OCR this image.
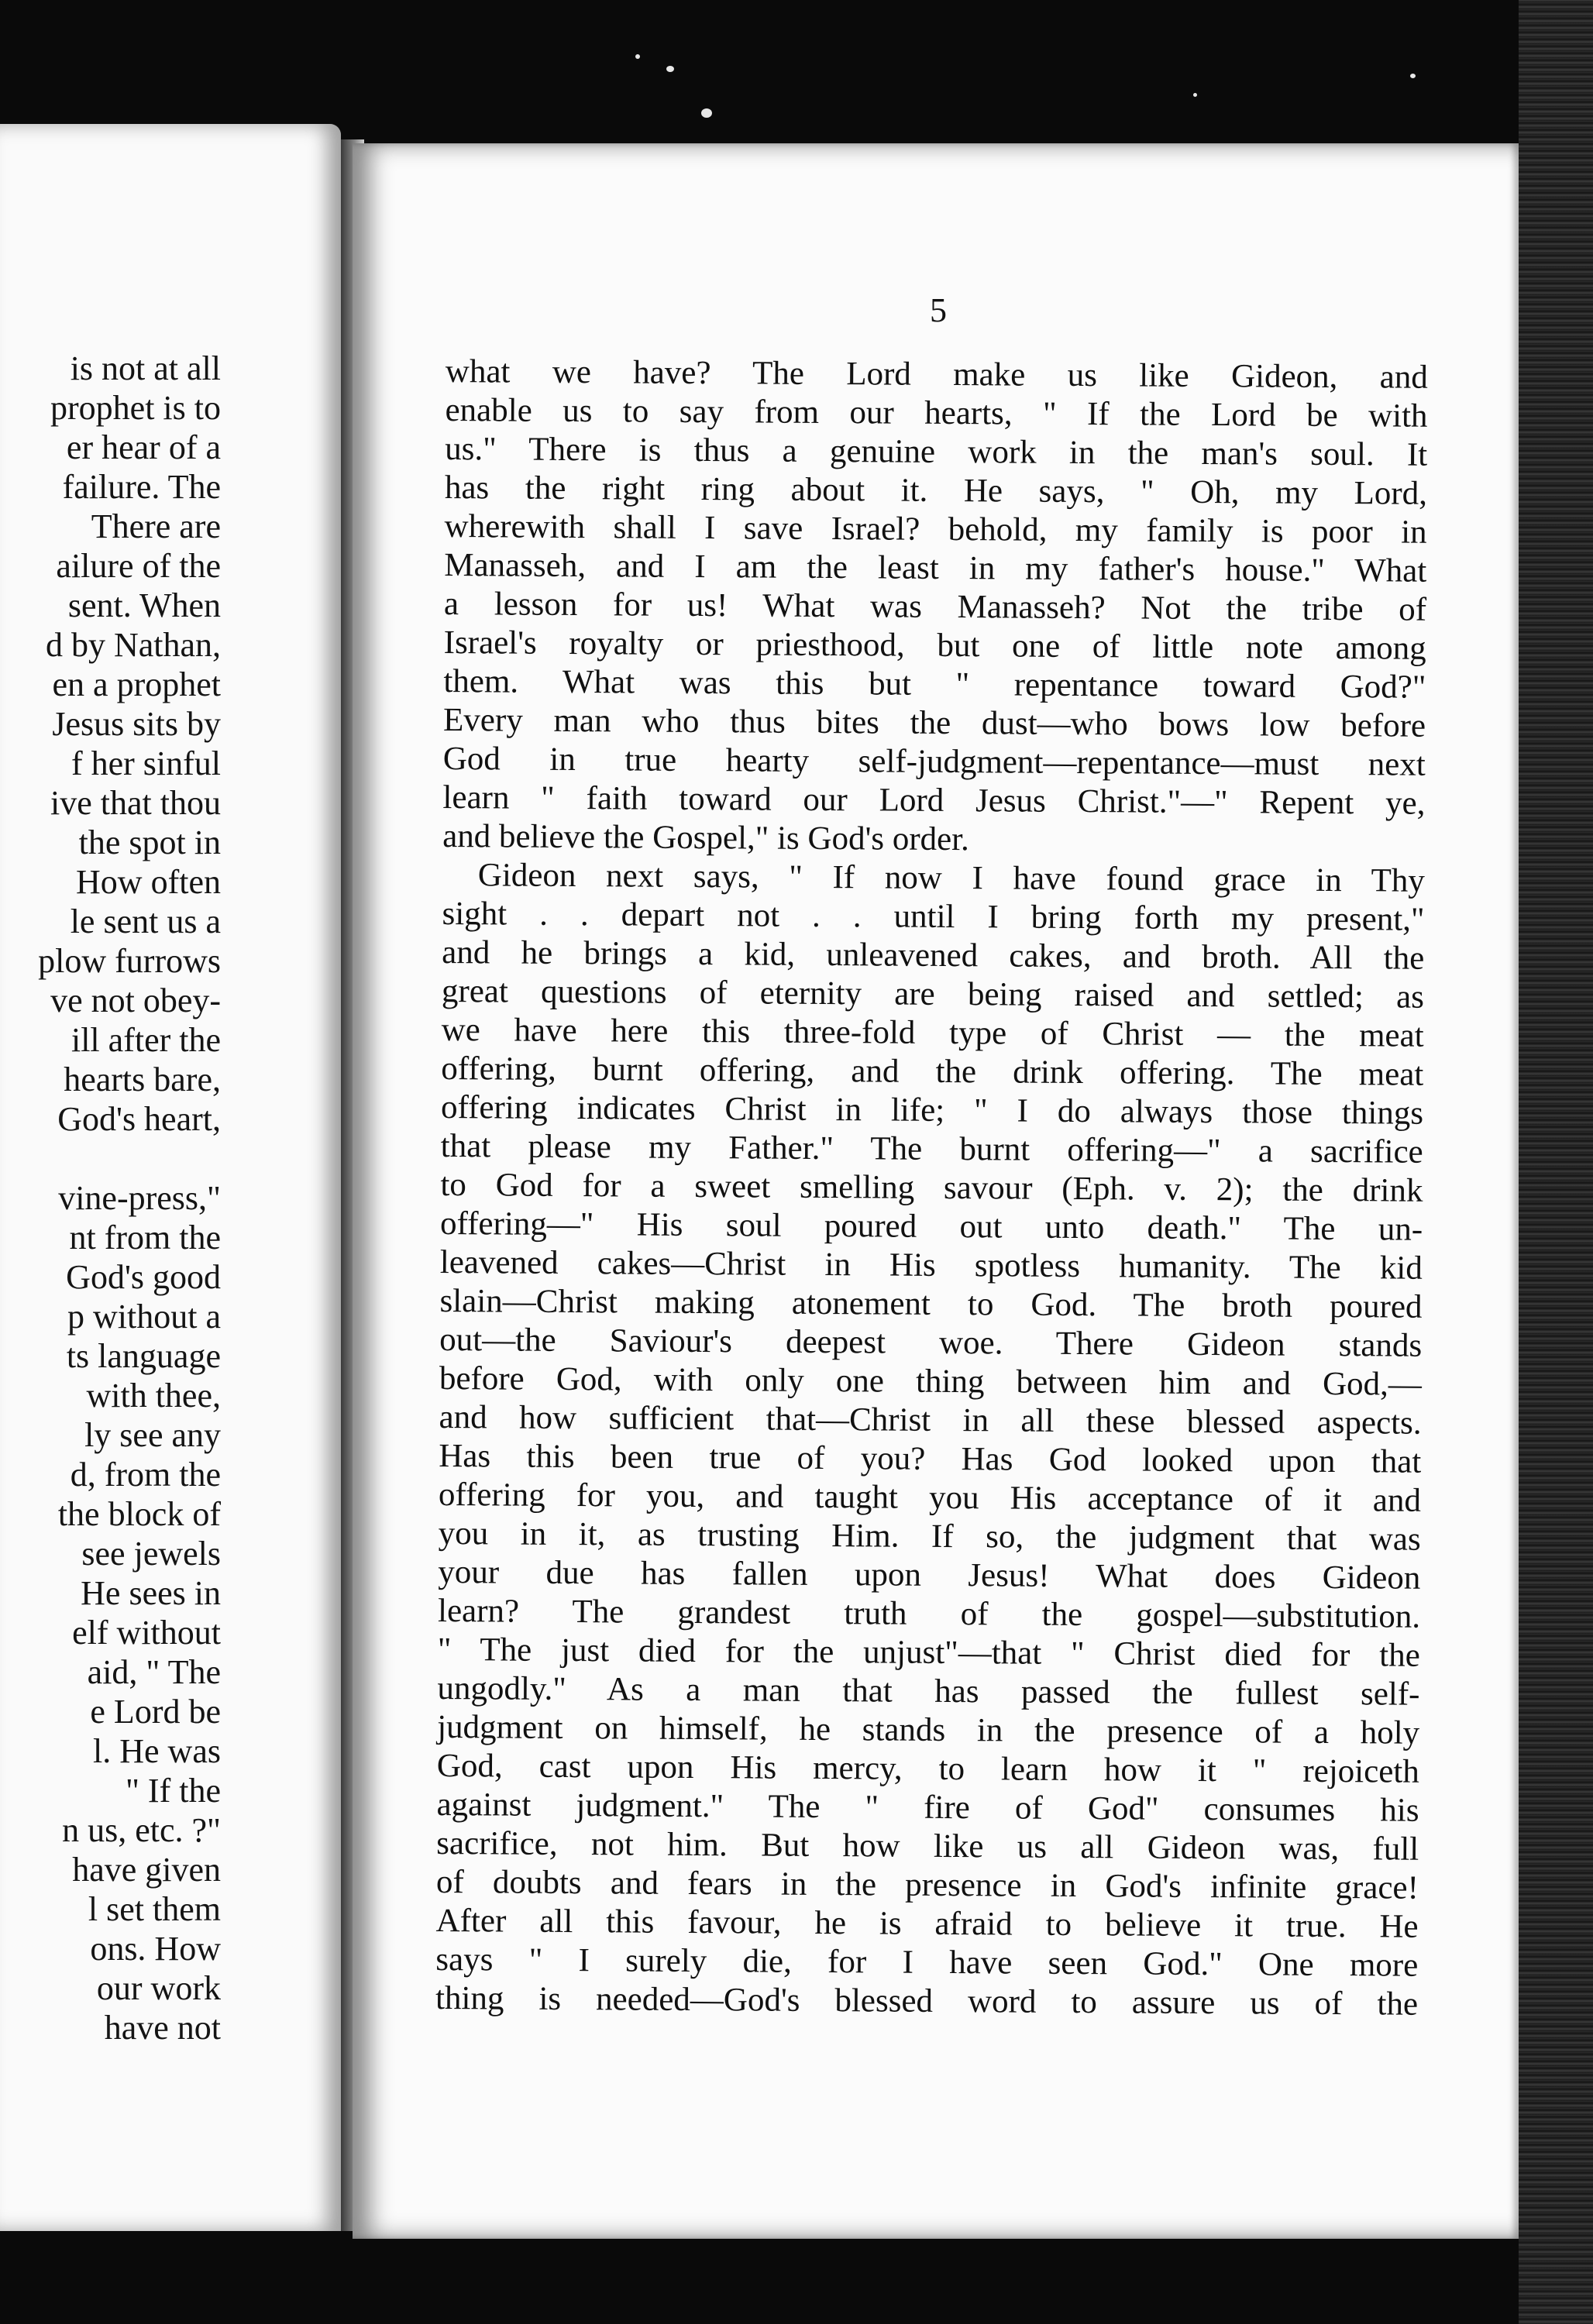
is not at all
prophet is to
er hear of a
failure. The
There are
ailure of the
sent. When
d by Nathan,
en a prophet
Jesus sits by
f her sinful
ive that thou
the spot in
How often
le sent us a
plow furrows
ve not obey-
ill after the
hearts bare,
God's heart,
vine-press,"
nt from the
God's good
p without a
ts language
with thee,
ly see any
d, from the
the block of
see jewels
He sees in
elf without
aid, " The
e Lord be
l. He was
" If the
n us, etc. ?"
have given
l set them
ons. How
our work
have not
5
what we have? The Lord make us like Gideon, and
enable us to say from our hearts, " If the Lord be with
us." There is thus a genuine work in the man's soul. It
has the right ring about it. He says, " Oh, my Lord,
wherewith shall I save Israel? behold, my family is poor in
Manasseh, and I am the least in my father's house." What
a lesson for us! What was Manasseh? Not the tribe of
Israel's royalty or priesthood, but one of little note among
them. What was this but " repentance toward God?"
Every man who thus bites the dust—who bows low before
God in true hearty self-judgment—repentance—must next
learn " faith toward our Lord Jesus Christ."—" Repent ye,
and believe the Gospel," is God's order.
Gideon next says, " If now I have found grace in Thy
sight . . depart not . . until I bring forth my present,"
and he brings a kid, unleavened cakes, and broth. All the
great questions of eternity are being raised and settled; as
we have here this three-fold type of Christ — the meat
offering, burnt offering, and the drink offering. The meat
offering indicates Christ in life; " I do always those things
that please my Father." The burnt offering—" a sacrifice
to God for a sweet smelling savour (Eph. v. 2); the drink
offering—" His soul poured out unto death." The un-
leavened cakes—Christ in His spotless humanity. The kid
slain—Christ making atonement to God. The broth poured
out—the Saviour's deepest woe. There Gideon stands
before God, with only one thing between him and God,—
and how sufficient that—Christ in all these blessed aspects.
Has this been true of you? Has God looked upon that
offering for you, and taught you His acceptance of it and
you in it, as trusting Him. If so, the judgment that was
your due has fallen upon Jesus! What does Gideon
learn? The grandest truth of the gospel—substitution.
" The just died for the unjust"—that " Christ died for the
ungodly." As a man that has passed the fullest self-
judgment on himself, he stands in the presence of a holy
God, cast upon His mercy, to learn how it " rejoiceth
against judgment." The " fire of God" consumes his
sacrifice, not him. But how like us all Gideon was, full
of doubts and fears in the presence in God's infinite grace!
After all this favour, he is afraid to believe it true. He
says " I surely die, for I have seen God." One more
thing is needed—God's blessed word to assure us of the
